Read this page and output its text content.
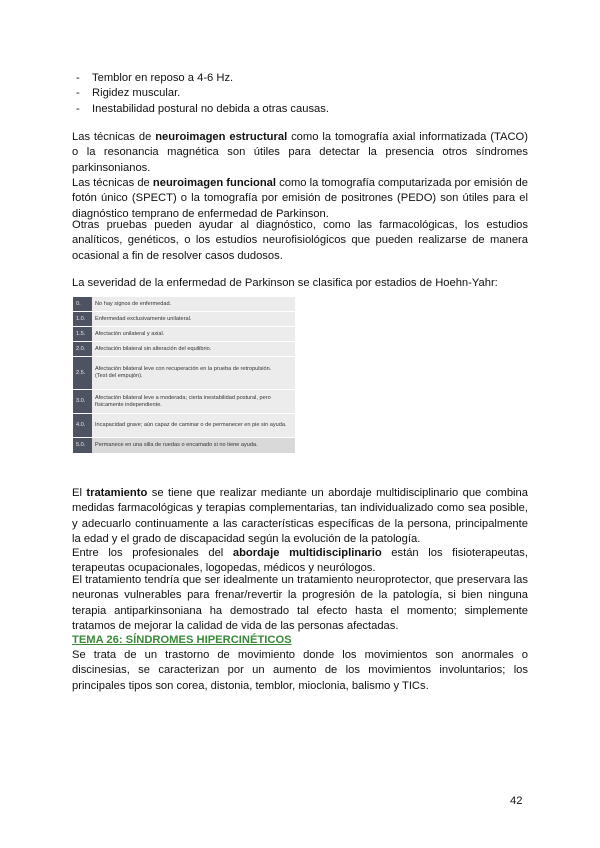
- Temblor en reposo a 4-6 Hz.
- Rigidez muscular.
- Inestabilidad postural no debida a otras causas.

Las técnicas de neuroimagen estructural como la tomografía axial informatizada (TACO) o la resonancia magnética son útiles para detectar la presencia otros síndromes parkinsonianos.

Las técnicas de neuroimagen funcional como la tomografía computarizada por emisión de fotón único (SPECT) o la tomografía por emisión de positrones (PEDO) son útiles para el diagnóstico temprano de enfermedad de Parkinson.

Otras pruebas pueden ayudar al diagnóstico, como las farmacológicas, los estudios analíticos, genéticos, o los estudios neurofisiológicos que pueden realizarse de manera ocasional a fin de resolver casos dudosos.

La severidad de la enfermedad de Parkinson se clasifica por estadios de Hoehn-Yahr:

0.	No hay signos de enfermedad.
1.0.	Enfermedad exclusivamente unilateral.
1.5.	Afectación unilateral y axial.
2.0.	Afectación bilateral sin alteración del equilibrio.
2.5.	Afectación bilateral leve con recuperación en la prueba de retropulsión.
(Test del empujón).
3.0.	Afectación bilateral leve a moderada; cierta inestabilidad postural, pero físicamente independiente.
4.0.	Incapacidad grave; aún capaz de caminar o de permanecer en pie sin ayuda.
5.0.	Permanece en una silla de ruedas o encamado si no tiene ayuda.

El tratamiento se tiene que realizar mediante un abordaje multidisciplinario que combina medidas farmacológicas y terapias complementarias, tan individualizado como sea posible, y adecuarlo continuamente a las características específicas de la persona, principalmente la edad y el grado de discapacidad según la evolución de la patología.

Entre los profesionales del abordaje multidisciplinario están los fisioterapeutas, terapeutas ocupacionales, logopedas, médicos y neurólogos.

El tratamiento tendría que ser idealmente un tratamiento neuroprotector, que preservara las neuronas vulnerables para frenar/revertir la progresión de la patología, si bien ninguna terapia antiparkinsoniana ha demostrado tal efecto hasta el momento; simplemente tratamos de mejorar la calidad de vida de las personas afectadas.

TEMA 26: SÍNDROMES HIPERCINÉTICOS

Se trata de un trastorno de movimiento donde los movimientos son anormales o discinesias, se caracterizan por un aumento de los movimientos involuntarios; los principales tipos son corea, distonia, temblor, mioclonia, balismo y TICs.

42
